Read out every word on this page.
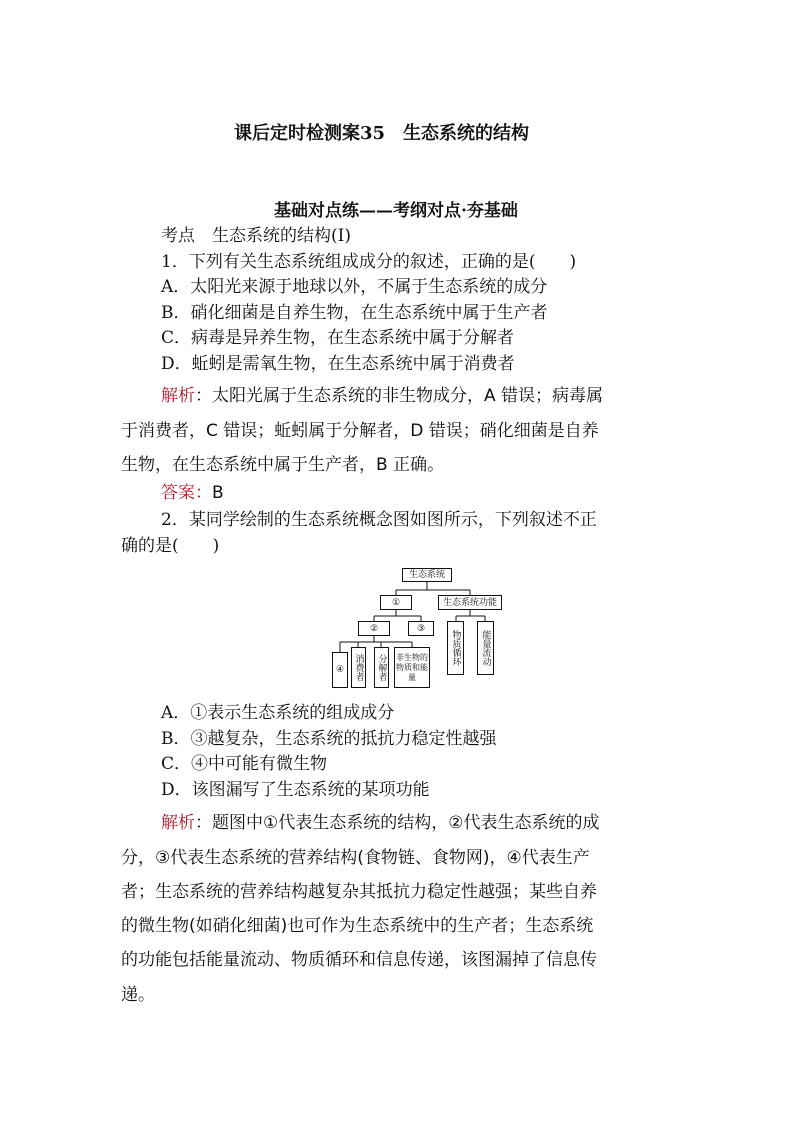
课后定时检测案35　生态系统的结构
基础对点练——考纲对点·夯基础
考点　生态系统的结构(Ⅰ)
1．下列有关生态系统组成成分的叙述，正确的是(　　)
A．太阳光来源于地球以外，不属于生态系统的成分
B．硝化细菌是自养生物，在生态系统中属于生产者
C．病毒是异养生物，在生态系统中属于分解者
D．蚯蚓是需氧生物，在生态系统中属于消费者
解析：太阳光属于生态系统的非生物成分，A 错误；病毒属
于消费者，C 错误；蚯蚓属于分解者，D 错误；硝化细菌是自养
生物，在生态系统中属于生产者，B 正确。
答案：B
2．某同学绘制的生态系统概念图如图所示，下列叙述不正
确的是(　　)
生态系统
①	生态系统功能
②	③
④	消费者 分解者	非生物的物质和能量
物质循环	能量流动
A．①表示生态系统的组成成分
B．③越复杂，生态系统的抵抗力稳定性越强
C．④中可能有微生物
D．该图漏写了生态系统的某项功能
解析：题图中①代表生态系统的结构，②代表生态系统的成
分，③代表生态系统的营养结构(食物链、食物网)，④代表生产
者；生态系统的营养结构越复杂其抵抗力稳定性越强；某些自养
的微生物(如硝化细菌)也可作为生态系统中的生产者；生态系统
的功能包括能量流动、物质循环和信息传递，该图漏掉了信息传
递。
